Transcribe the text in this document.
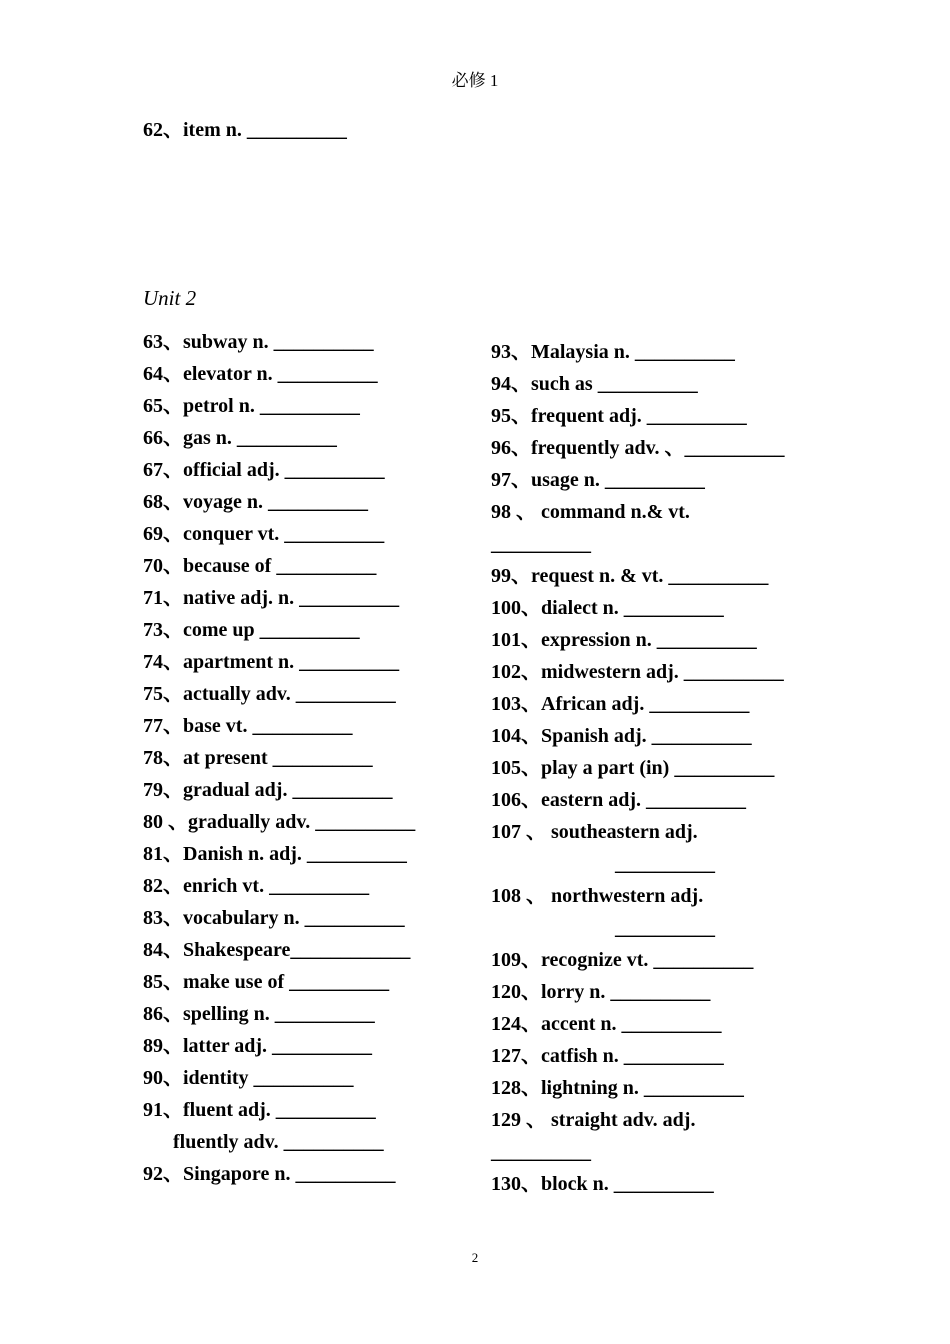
必修 1
62、item n. __________
Unit 2
63、subway n. __________
64、elevator n. __________
65、petrol n. __________
66、gas n. __________
67、official adj. __________
68、voyage n. __________
69、conquer vt. __________
70、because of __________
71、native adj. n. __________
73、come up __________
74、apartment n. __________
75、actually adv. __________
77、base vt. __________
78、at present __________
79、gradual adj. __________
80 、gradually adv. __________
81、Danish n. adj. __________
82、enrich vt. __________
83、vocabulary n. __________
84、Shakespeare____________
85、make use of __________
86、spelling n. __________
89、latter adj. __________
90、identity __________
91、fluent adj. __________
fluently adv. __________
92、Singapore n. __________
93、Malaysia n. __________
94、such as __________
95、frequent adj. __________
96、frequently adv. 、__________
97、usage n. __________
98 、 command n.& vt.
__________
99、request n. & vt. __________
100、dialect n. __________
101、expression n. __________
102、midwestern adj. __________
103、African adj. __________
104、Spanish adj. __________
105、play a part (in) __________
106、eastern adj. __________
107 、 southeastern adj.
__________
108 、 northwestern adj.
__________
109、recognize vt. __________
120、lorry n. __________
124、accent n. __________
127、catfish n. __________
128、lightning n. __________
129 、 straight adv. adj.
__________
130、block n. __________
2
